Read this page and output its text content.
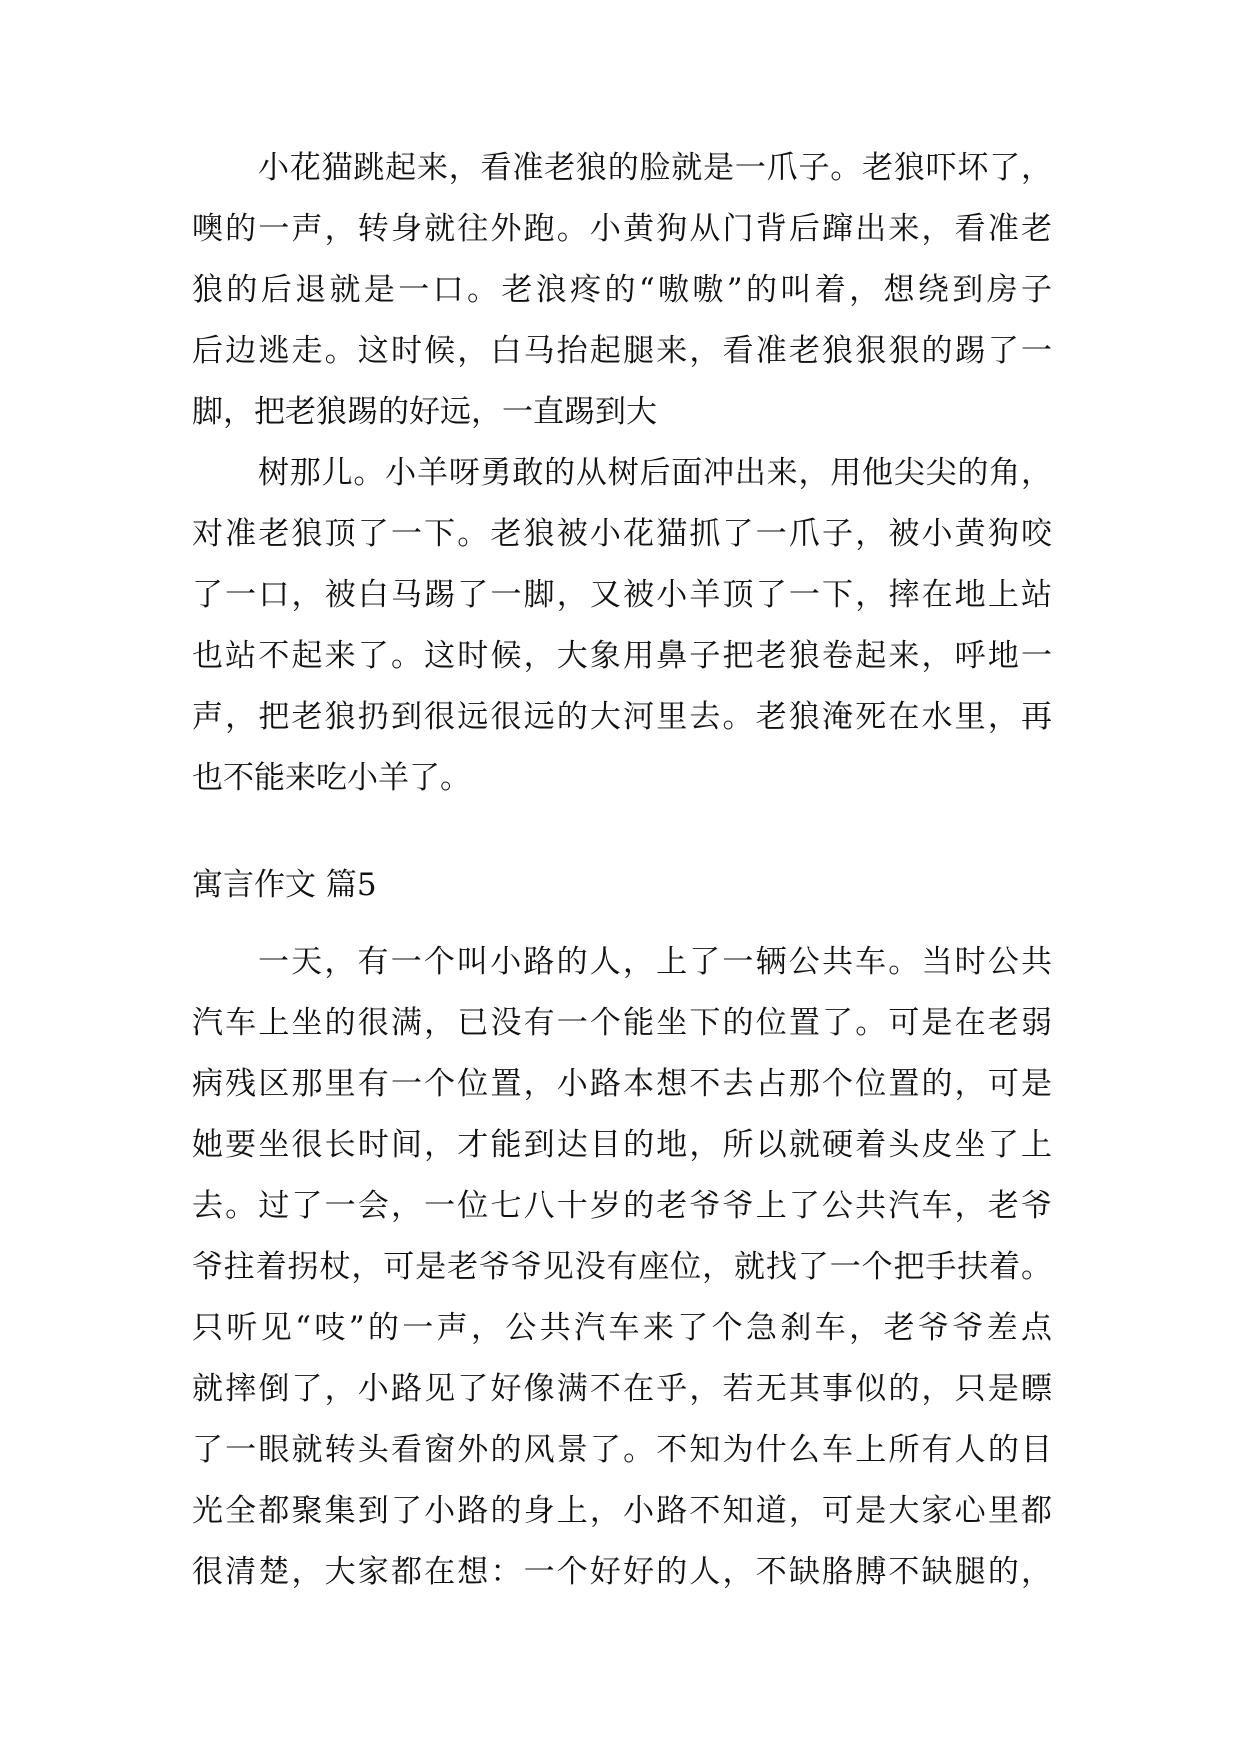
小花猫跳起来，看准老狼的脸就是一爪子。老狼吓坏了，
噢的一声，转身就往外跑。小黄狗从门背后蹿出来，看准老
狼的后退就是一口。老浪疼的“嗷嗷”的叫着，想绕到房子
后边逃走。这时候，白马抬起腿来，看准老狼狠狠的踢了一
脚，把老狼踢的好远，一直踢到大
树那儿。小羊呀勇敢的从树后面冲出来，用他尖尖的角，
对准老狼顶了一下。老狼被小花猫抓了一爪子，被小黄狗咬
了一口，被白马踢了一脚，又被小羊顶了一下，摔在地上站
也站不起来了。这时候，大象用鼻子把老狼卷起来，呼地一
声，把老狼扔到很远很远的大河里去。老狼淹死在水里，再
也不能来吃小羊了。
寓言作文 篇5
一天，有一个叫小路的人，上了一辆公共车。当时公共
汽车上坐的很满，已没有一个能坐下的位置了。可是在老弱
病残区那里有一个位置，小路本想不去占那个位置的，可是
她要坐很长时间，才能到达目的地，所以就硬着头皮坐了上
去。过了一会，一位七八十岁的老爷爷上了公共汽车，老爷
爷拄着拐杖，可是老爷爷见没有座位，就找了一个把手扶着。
只听见“吱”的一声，公共汽车来了个急刹车，老爷爷差点
就摔倒了，小路见了好像满不在乎，若无其事似的，只是瞟
了一眼就转头看窗外的风景了。不知为什么车上所有人的目
光全都聚集到了小路的身上，小路不知道，可是大家心里都
很清楚，大家都在想：一个好好的人，不缺胳膊不缺腿的，
